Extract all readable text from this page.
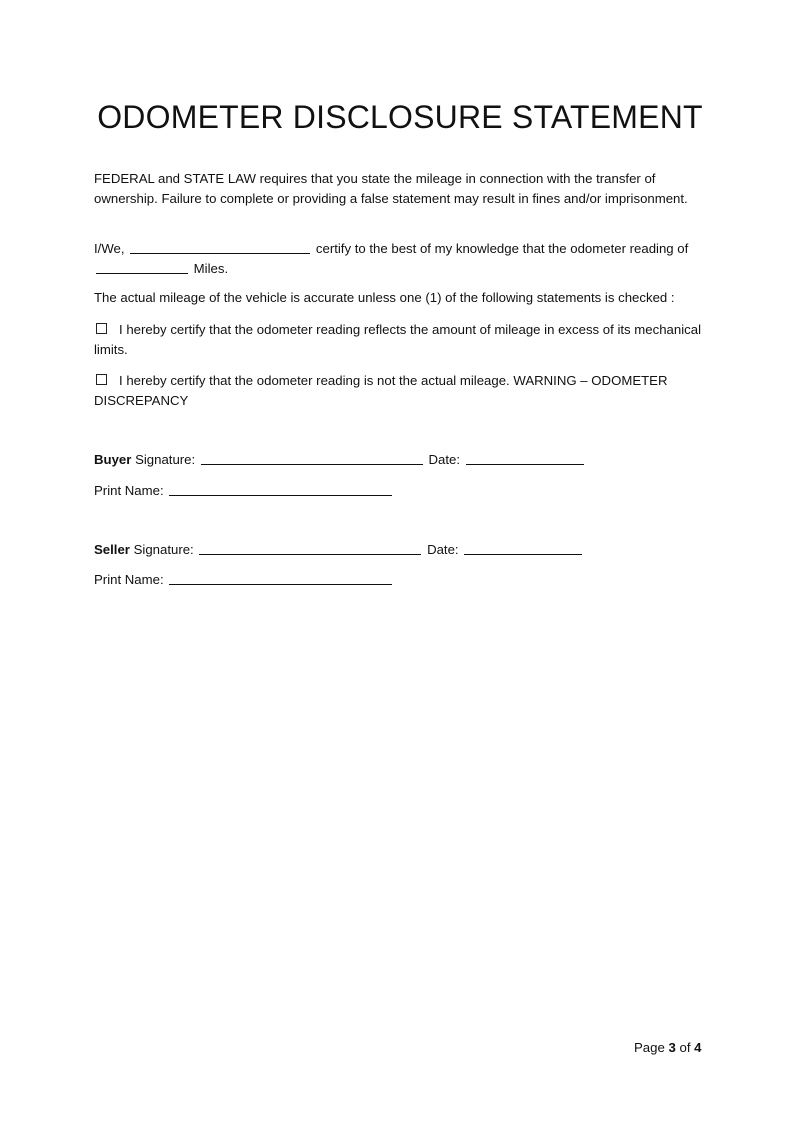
ODOMETER DISCLOSURE STATEMENT
FEDERAL and STATE LAW requires that you state the mileage in connection with the transfer of ownership. Failure to complete or providing a false statement may result in fines and/or imprisonment.
I/We,	certify to the best of my knowledge that the odometer reading of  Miles.
The actual mileage of the vehicle is accurate unless one (1) of the following statements is checked :
I hereby certify that the odometer reading reflects the amount of mileage in excess of its mechanical limits.
I hereby certify that the odometer reading is not the actual mileage. WARNING – ODOMETER DISCREPANCY
Buyer Signature:	Date:
Print Name:
Seller Signature:	Date:
Print Name:
Page 3 of 4
